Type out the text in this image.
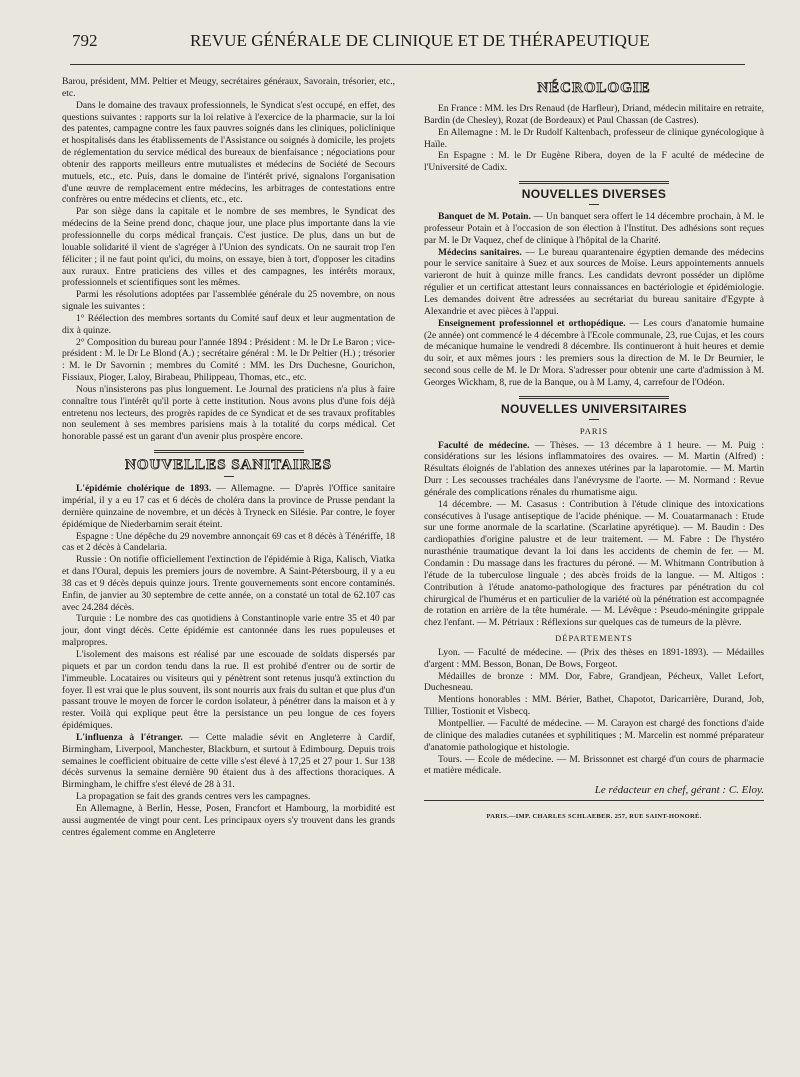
792	REVUE GÉNÉRALE DE CLINIQUE ET DE THÉRAPEUTIQUE

Barou, président, MM. Peltier et Meugy, secrétaires généraux, Savorain, trésorier, etc., etc.

Dans le domaine des travaux professionnels, le Syndicat s'est occupé, en effet, des questions suivantes : rapports sur la loi relative à l'exercice de la pharmacie, sur la loi des patentes, campagne contre les faux pauvres soignés dans les cliniques, policlinique et hospitalisés dans les établissements de l'Assistance ou soignés à domicile, les projets de réglementation du service médical des bureaux de bienfaisance ; négociations pour obtenir des rapports meilleurs entre mutualistes et médecins de Société de Secours mutuels, etc., etc. Puis, dans le domaine de l'intérêt privé, signalons l'organisation d'une œuvre de remplacement entre médecins, les arbitrages de contestations entre confrères ou entre médecins et clients, etc., etc.

Par son siège dans la capitale et le nombre de ses membres, le Syndicat des médecins de la Seine prend donc, chaque jour, une place plus importante dans la vie professionnelle du corps médical français. C'est justice. De plus, dans un but de louable solidarité il vient de s'agréger à l'Union des syndicats. On ne saurait trop l'en féliciter ; il ne faut point qu'ici, du moins, on essaye, bien à tort, d'opposer les citadins aux ruraux. Entre praticiens des villes et des campagnes, les intérêts moraux, professionnels et scientifiques sont les mêmes.

Parmi les résolutions adoptées par l'assemblée générale du 25 novembre, on nous signale les suivantes :

1° Réélection des membres sortants du Comité sauf deux et leur augmentation de dix à quinze.

2° Composition du bureau pour l'année 1894 : Président : M. le Dr Le Baron ; vice-président : M. le Dr Le Blond (A.) ; secrétaire général : M. le Dr Peltier (H.) ; trésorier : M. le Dr Savornin ; membres du Comité : MM. les Drs Duchesne, Gourichon, Fissiaux, Pioger, Laloy, Birabeau, Philippeau, Thomas, etc., etc.

Nous n'insisterons pas plus longuement. Le Journal des praticiens n'a plus à faire connaître tous l'intérêt qu'il porte à cette institution. Nous avons plus d'une fois déjà entretenu nos lecteurs, des progrès rapides de ce Syndicat et de ses travaux profitables non seulement à ses membres parisiens mais à la totalité du corps médical. Cet honorable passé est un garant d'un avenir plus prospère encore.

NOUVELLES SANITAIRES

L'épidémie cholérique de 1893. — Allemagne. — D'après l'Office sanitaire impérial, il y a eu 17 cas et 6 décès de choléra dans la province de Prusse pendant la dernière quinzaine de novembre, et un décès à Tryneck en Silésie. Par contre, le foyer épidémique de Niederbarnim serait éteint.

Espagne : Une dépêche du 29 novembre annonçait 69 cas et 8 décès à Ténériffe, 18 cas et 2 décès à Candelaria.

Russie : On notifie officiellement l'extinction de l'épidémie à Riga, Kalisch, Viatka et dans l'Oural, depuis les premiers jours de novembre. A Saint-Pétersbourg, il y a eu 38 cas et 9 décès depuis quinze jours. Trente gouvernements sont encore contaminés. Enfin, de janvier au 30 septembre de cette année, on a constaté un total de 62.107 cas avec 24.284 décès.

Turquie : Le nombre des cas quotidiens à Constantinople varie entre 35 et 40 par jour, dont vingt décès. Cette épidémie est cantonnée dans les rues populeuses et malpropres.

L'isolement des maisons est réalisé par une escouade de soldats dispersés par piquets et par un cordon tendu dans la rue. Il est prohibé d'entrer ou de sortir de l'immeuble. Locataires ou visiteurs qui y pénètrent sont retenus jusqu'à extinction du foyer. Il est vrai que le plus souvent, ils sont nourris aux frais du sultan et que plus d'un passant trouve le moyen de forcer le cordon isolateur, à pénétrer dans la maison et à y rester. Voilà qui explique peut être la persistance un peu longue de ces foyers épidémiques.

L'influenza à l'étranger. — Cette maladie sévit en Angleterre à Cardif, Birmingham, Liverpool, Manchester, Blackburn, et surtout à Edimbourg. Depuis trois semaines le coefficient obituaire de cette ville s'est élevé à 17,25 et 27 pour 1. Sur 138 décès survenus la semaine dernière 90 étaient dus à des affections thoraciques. A Birmingham, le chiffre s'est élevé de 28 à 31.

La propagation se fait des grands centres vers les campagnes.

En Allemagne, à Berlin, Hesse, Posen, Francfort et Hambourg, la morbidité est aussi augmentée de vingt pour cent. Les principaux oyers s'y trouvent dans les grands centres également comme en Angleterre

NÉCROLOGIE

En France : MM. les Drs Renaud (de Harfleur), Driand, médecin militaire en retraite, Bardin (de Chesley), Rozat (de Bordeaux) et Paul Chassan (de Castres).

En Allemagne : M. le Dr Rudolf Kaltenbach, professeur de clinique gynécologique à Haïle.

En Espagne : M. le Dr Eugène Ribera, doyen de la F aculté de médecine de l'Université de Cadix.

NOUVELLES DIVERSES

Banquet de M. Potain. — Un banquet sera offert le 14 décembre prochain, à M. le professeur Potain et à l'occasion de son élection à l'Institut. Des adhésions sont reçues par M. le Dr Vaquez, chef de clinique à l'hôpital de la Charité.

Médecins sanitaires. — Le bureau quarantenaire égyptien demande des médecins pour le service sanitaire à Suez et aux sources de Moïse. Leurs appointements annuels varieront de huit à quinze mille francs. Les candidats devront posséder un diplôme régulier et un certificat attestant leurs connaissances en bactériologie et épidémiologie. Les demandes doivent être adressées au secrétariat du bureau sanitaire d'Egypte à Alexandrie et avec pièces à l'appui.

Enseignement professionnel et orthopédique. — Les cours d'anatomie humaine (2e année) ont commencé le 4 décembre à l'Ecole communale, 23, rue Cujas, et les cours de mécanique humaine le vendredi 8 décembre. Ils continueront à huit heures et demie du soir, et aux mêmes jours : les premiers sous la direction de M. le Dr Beurnier, le second sous celle de M. le Dr Mora. S'adresser pour obtenir une carte d'admission à M. Georges Wickham, 8, rue de la Banque, ou à M Lamy, 4, carrefour de l'Odéon.

NOUVELLES UNIVERSITAIRES
PARIS

Faculté de médecine. — Thèses. — 13 décembre à 1 heure. — M. Puig : considérations sur les lésions inflammatoires des ovaires. — M. Martin (Alfred) : Résultats éloignés de l'ablation des annexes utérines par la laparotomie. — M. Martin Durr : Les secousses trachéales dans l'anévrysme de l'aorte. — M. Normand : Revue générale des complications rénales du rhumatisme aigu.

14 décembre. — M. Casasus : Contribution à l'étude clinique des intoxications consécutives à l'usage antiseptique de l'acide phénique. — M. Couatarmanach : Etude sur une forme anormale de la scarlatine. (Scarlatine apyrétique). — M. Baudin : Des cardiopathies d'origine palustre et de leur traitement. — M. Fabre : De l'hystéro nurasthénie traumatique devant la loi dans les accidents de chemin de fer. — M. Condamin : Du massage dans les fractures du péroné. — M. Whitmann Contribution à l'étude de la tuberculose linguale ; des abcès froids de la langue. — M. Altigos : Contribution à l'étude anatomo-pathologique des fractures par pénétration du col chirurgical de l'humérus et en particulier de la variété où la pénétration est accompagnée de rotation en arrière de la tête humérale. — M. Lévêque : Pseudo-méningite grippale chez l'enfant. — M. Pétriaux : Réflexions sur quelques cas de tumeurs de la plèvre.

DÉPARTEMENTS

Lyon. — Faculté de médecine. — (Prix des thèses en 1891-1893). — Médailles d'argent : MM. Besson, Bonan, De Bows, Forgeot.

Médailles de bronze : MM. Dor, Fabre, Grandjean, Pécheux, Vallet Lefort, Duchesneau.

Mentions honorables : MM. Bérier, Bathet, Chapotot, Daricarrière, Durand, Job, Tillier, Tostionit et Visbecq.

Montpellier. — Faculté de médecine. — M. Carayon est chargé des fonctions d'aide de clinique des maladies cutanées et syphilitiques ; M. Marcelin est nommé préparateur d'anatomie pathologique et histologie.

Tours. — Ecole de médecine. — M. Brissonnet est chargé d'un cours de pharmacie et matière médicale.

Le rédacteur en chef, gérant : C. Eloy.
PARIS.—IMP. CHARLES SCHLAEBER. 257, RUE SAINT-HONORÉ.
